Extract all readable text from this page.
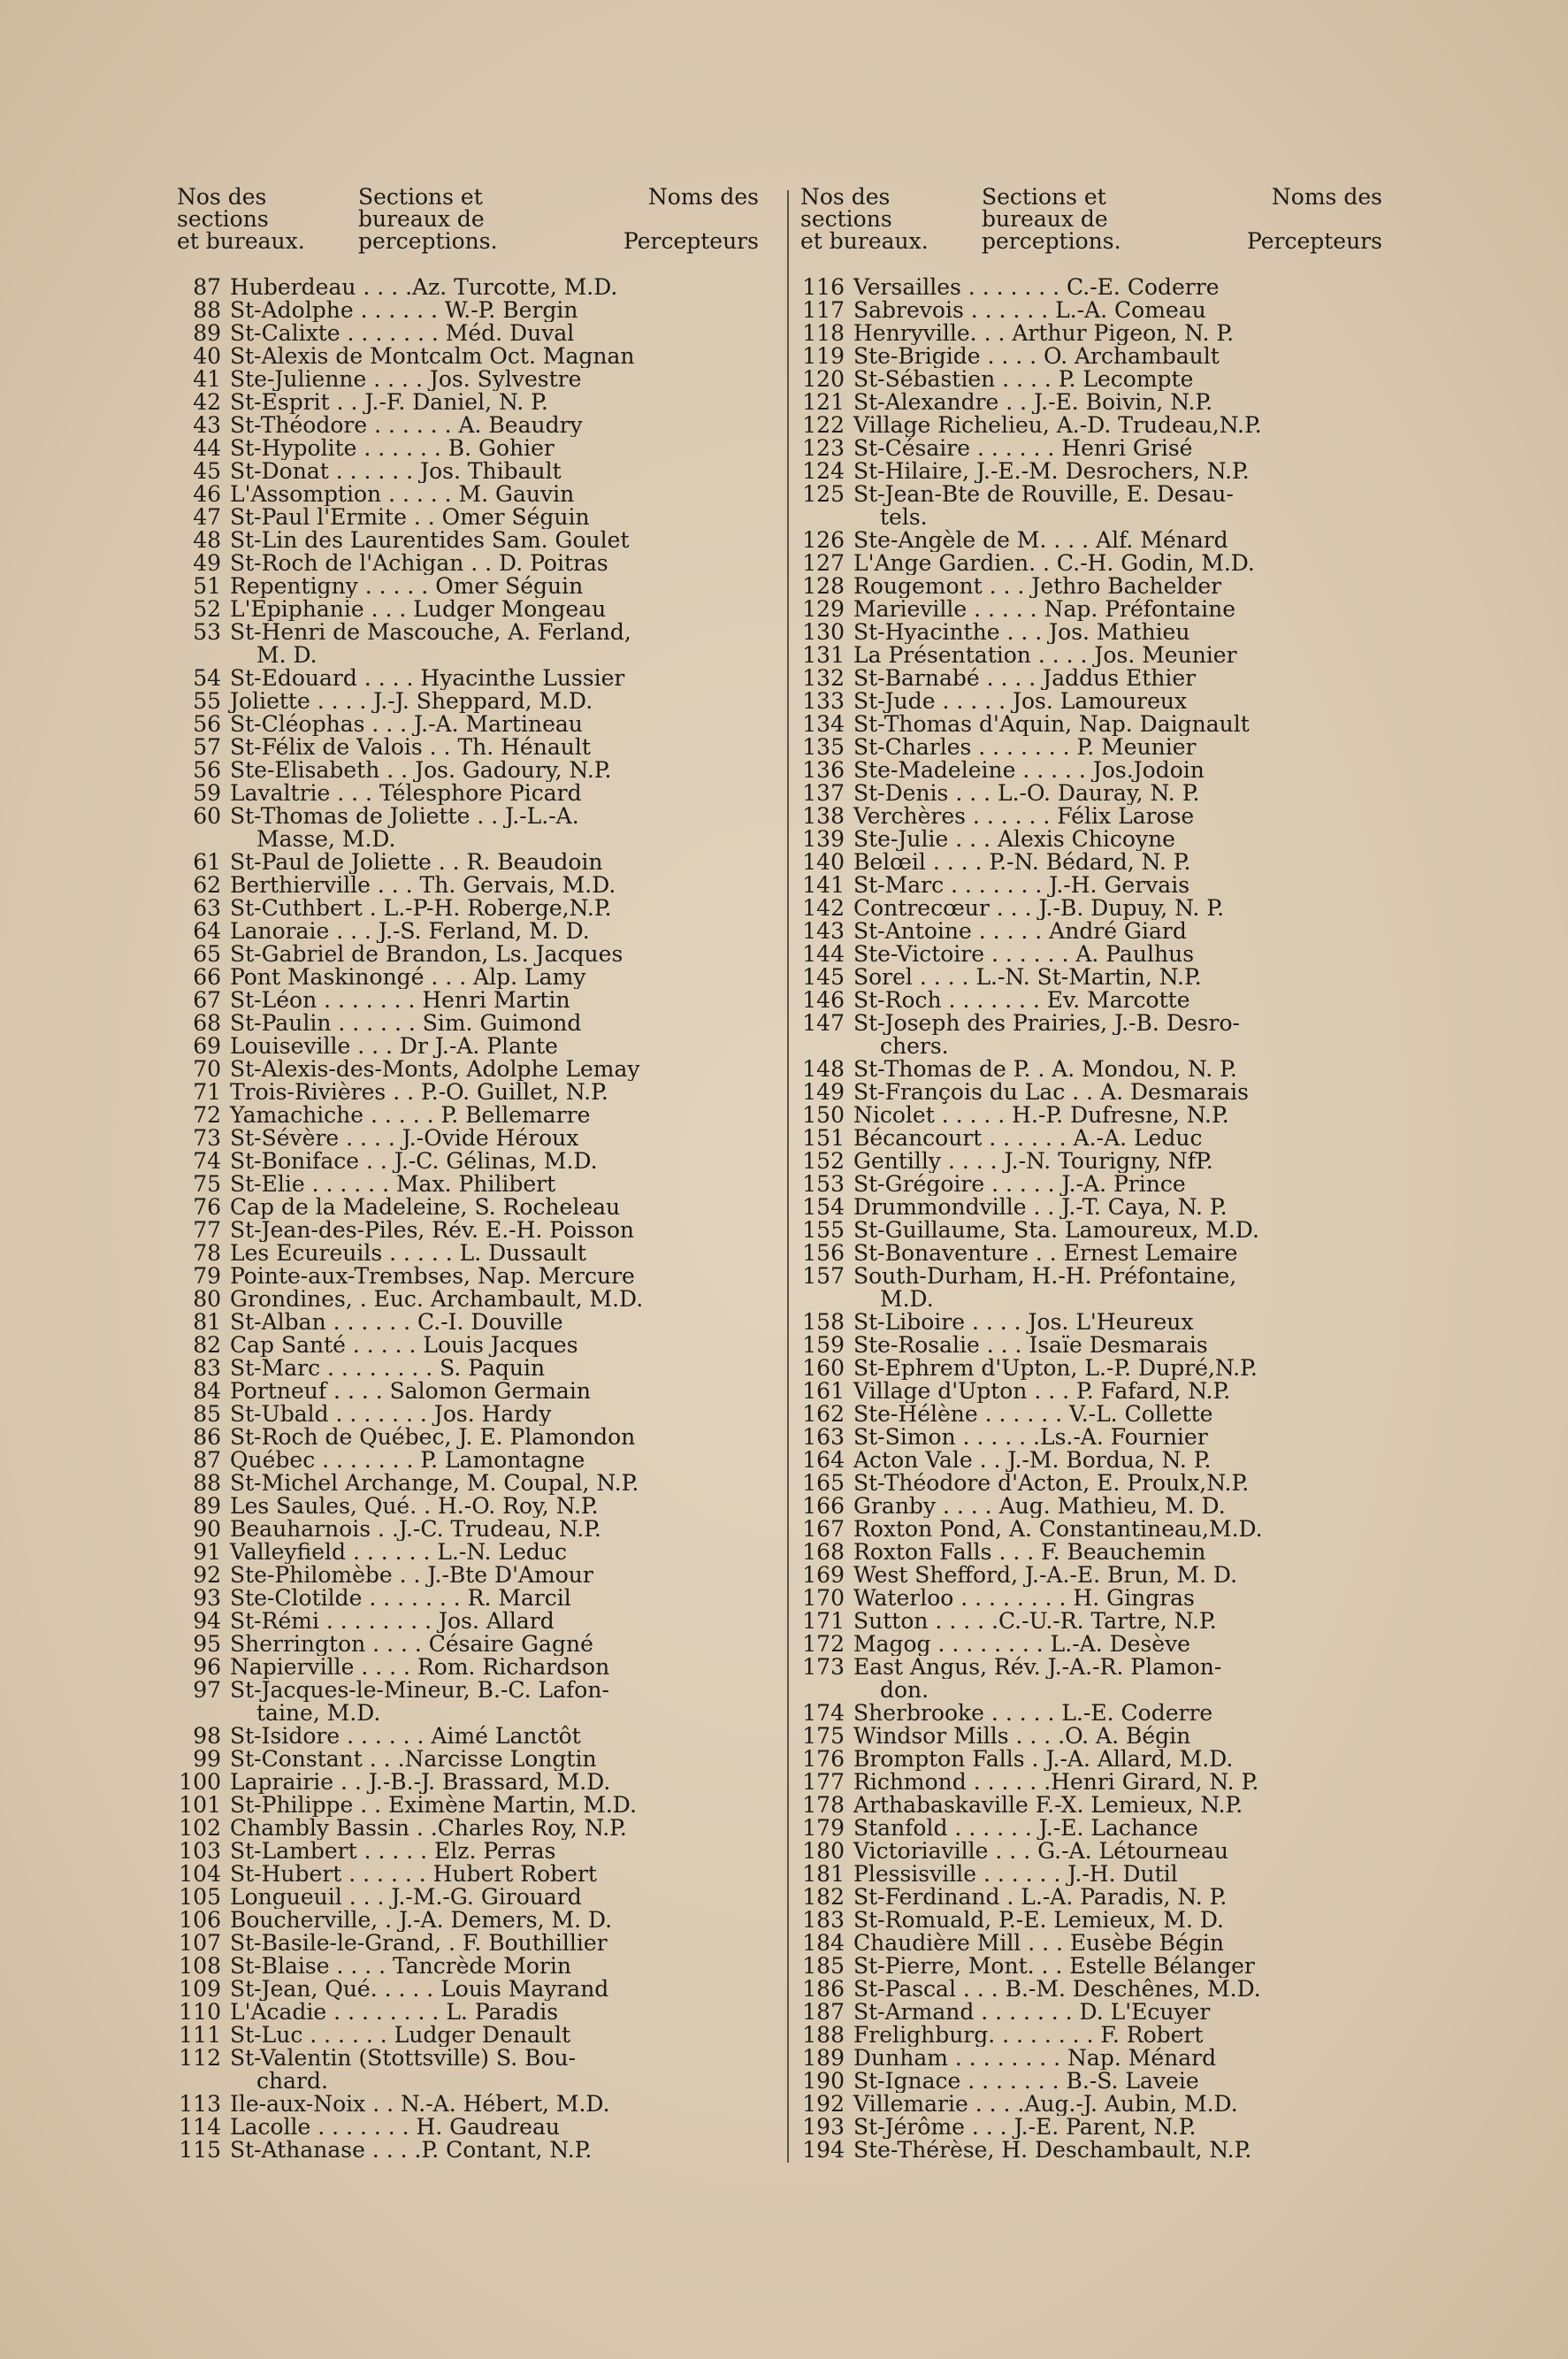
Nos des
sections
et bureaux.
Sections et
bureaux de
perceptions.
Noms des

Percepteurs
87 Huberdeau . . . .Az. Turcotte, M.D.
88 St-Adolphe . . . . . . W.-P. Bergin
89 St-Calixte . . . . . . . Méd. Duval
40 St-Alexis de Montcalm Oct. Magnan
41 Ste-Julienne . . . . Jos. Sylvestre
42 St-Esprit . . J.-F. Daniel, N. P.
43 St-Théodore . . . . . . A. Beaudry
44 St-Hypolite . . . . . . B. Gohier
45 St-Donat . . . . . . Jos. Thibault
46 L'Assomption . . . . . M. Gauvin
47 St-Paul l'Ermite . . Omer Séguin
48 St-Lin des Laurentides Sam. Goulet
49 St-Roch de l'Achigan . . D. Poitras
51 Repentigny . . . . . Omer Séguin
52 L'Epiphanie . . . Ludger Mongeau
53 St-Henri de Mascouche, A. Ferland,
M. D.
54 St-Edouard . . . . Hyacinthe Lussier
55 Joliette . . . . J.-J. Sheppard, M.D.
56 St-Cléophas . . . J.-A. Martineau
57 St-Félix de Valois . . Th. Hénault
56 Ste-Elisabeth . . Jos. Gadoury, N.P.
59 Lavaltrie . . . Télesphore Picard
60 St-Thomas de Joliette . . J.-L.-A.
Masse, M.D.
61 St-Paul de Joliette . . R. Beaudoin
62 Berthierville . . . Th. Gervais, M.D.
63 St-Cuthbert . L.-P-H. Roberge,N.P.
64 Lanoraie . . . J.-S. Ferland, M. D.
65 St-Gabriel de Brandon, Ls. Jacques
66 Pont Maskinongé . . . Alp. Lamy
67 St-Léon . . . . . . . Henri Martin
68 St-Paulin . . . . . . Sim. Guimond
69 Louiseville . . . Dr J.-A. Plante
70 St-Alexis-des-Monts, Adolphe Lemay
71 Trois-Rivières . . P.-O. Guillet, N.P.
72 Yamachiche . . . . . P. Bellemarre
73 St-Sévère . . . . J.-Ovide Héroux
74 St-Boniface . . J.-C. Gélinas, M.D.
75 St-Elie . . . . . . Max. Philibert
76 Cap de la Madeleine, S. Rocheleau
77 St-Jean-des-Piles, Rév. E.-H. Poisson
78 Les Ecureuils . . . . . L. Dussault
79 Pointe-aux-Trembses, Nap. Mercure
80 Grondines, . Euc. Archambault, M.D.
81 St-Alban . . . . . . C.-I. Douville
82 Cap Santé . . . . . Louis Jacques
83 St-Marc . . . . . . . . S. Paquin
84 Portneuf . . . . Salomon Germain
85 St-Ubald . . . . . . . Jos. Hardy
86 St-Roch de Québec, J. E. Plamondon
87 Québec . . . . . . . P. Lamontagne
88 St-Michel Archange, M. Coupal, N.P.
89 Les Saules, Qué. . H.-O. Roy, N.P.
90 Beauharnois . .J.-C. Trudeau, N.P.
91 Valleyfield . . . . . . L.-N. Leduc
92 Ste-Philomèbe . . J.-Bte D'Amour
93 Ste-Clotilde . . . . . . . R. Marcil
94 St-Rémi . . . . . . . . Jos. Allard
95 Sherrington . . . . Césaire Gagné
96 Napierville . . . . Rom. Richardson
97 St-Jacques-le-Mineur, B.-C. Lafon-
taine, M.D.
98 St-Isidore . . . . . . Aimé Lanctôt
99 St-Constant . . .Narcisse Longtin
100 Laprairie . . J.-B.-J. Brassard, M.D.
101 St-Philippe . . Eximène Martin, M.D.
102 Chambly Bassin . .Charles Roy, N.P.
103 St-Lambert . . . . . Elz. Perras
104 St-Hubert . . . . . . Hubert Robert
105 Longueuil . . . J.-M.-G. Girouard
106 Boucherville, . J.-A. Demers, M. D.
107 St-Basile-le-Grand, . F. Bouthillier
108 St-Blaise . . . . Tancrède Morin
109 St-Jean, Qué. . . . . Louis Mayrand
110 L'Acadie . . . . . . . . L. Paradis
111 St-Luc . . . . . . Ludger Denault
112 St-Valentin (Stottsville) S. Bou-
chard.
113 Ile-aux-Noix . . N.-A. Hébert, M.D.
114 Lacolle . . . . . . . H. Gaudreau
115 St-Athanase . . . .P. Contant, N.P.
Nos des
sections
et bureaux.
Sections et
bureaux de
perceptions.
Noms des

Percepteurs
116 Versailles . . . . . . . C.-E. Coderre
117 Sabrevois . . . . . . L.-A. Comeau
118 Henryville. . . Arthur Pigeon, N. P.
119 Ste-Brigide . . . . O. Archambault
120 St-Sébastien . . . . P. Lecompte
121 St-Alexandre . . J.-E. Boivin, N.P.
122 Village Richelieu, A.-D. Trudeau,N.P.
123 St-Césaire . . . . . . Henri Grisé
124 St-Hilaire, J.-E.-M. Desrochers, N.P.
125 St-Jean-Bte de Rouville, E. Desau-
tels.
126 Ste-Angèle de M. . . . Alf. Ménard
127 L'Ange Gardien. . C.-H. Godin, M.D.
128 Rougemont . . . Jethro Bachelder
129 Marieville . . . . . Nap. Préfontaine
130 St-Hyacinthe . . . Jos. Mathieu
131 La Présentation . . . . Jos. Meunier
132 St-Barnabé . . . . Jaddus Ethier
133 St-Jude . . . . . Jos. Lamoureux
134 St-Thomas d'Aquin, Nap. Daignault
135 St-Charles . . . . . . . P. Meunier
136 Ste-Madeleine . . . . . Jos.Jodoin
137 St-Denis . . . L.-O. Dauray, N. P.
138 Verchères . . . . . . Félix Larose
139 Ste-Julie . . . Alexis Chicoyne
140 Belœil . . . . P.-N. Bédard, N. P.
141 St-Marc . . . . . . . J.-H. Gervais
142 Contrecœur . . . J.-B. Dupuy, N. P.
143 St-Antoine . . . . . André Giard
144 Ste-Victoire . . . . . . A. Paulhus
145 Sorel . . . . L.-N. St-Martin, N.P.
146 St-Roch . . . . . . . Ev. Marcotte
147 St-Joseph des Prairies, J.-B. Desro-
chers.
148 St-Thomas de P. . A. Mondou, N. P.
149 St-François du Lac . . A. Desmarais
150 Nicolet . . . . . H.-P. Dufresne, N.P.
151 Bécancourt . . . . . . A.-A. Leduc
152 Gentilly . . . . J.-N. Tourigny, NfP.
153 St-Grégoire . . . . . J.-A. Prince
154 Drummondville . . J.-T. Caya, N. P.
155 St-Guillaume, Sta. Lamoureux, M.D.
156 St-Bonaventure . . Ernest Lemaire
157 South-Durham, H.-H. Préfontaine,
M.D.
158 St-Liboire . . . . Jos. L'Heureux
159 Ste-Rosalie . . . Isaïe Desmarais
160 St-Ephrem d'Upton, L.-P. Dupré,N.P.
161 Village d'Upton . . . P. Fafard, N.P.
162 Ste-Hélène . . . . . . V.-L. Collette
163 St-Simon . . . . . .Ls.-A. Fournier
164 Acton Vale . . J.-M. Bordua, N. P.
165 St-Théodore d'Acton, E. Proulx,N.P.
166 Granby . . . . Aug. Mathieu, M. D.
167 Roxton Pond, A. Constantineau,M.D.
168 Roxton Falls . . . F. Beauchemin
169 West Shefford, J.-A.-E. Brun, M. D.
170 Waterloo . . . . . . . . H. Gingras
171 Sutton . . . . .C.-U.-R. Tartre, N.P.
172 Magog . . . . . . . . L.-A. Desève
173 East Angus, Rév. J.-A.-R. Plamon-
don.
174 Sherbrooke . . . . . L.-E. Coderre
175 Windsor Mills . . . .O. A. Bégin
176 Brompton Falls . J.-A. Allard, M.D.
177 Richmond . . . . . .Henri Girard, N. P.
178 Arthabaskaville F.-X. Lemieux, N.P.
179 Stanfold . . . . . . J.-E. Lachance
180 Victoriaville . . . G.-A. Létourneau
181 Plessisville . . . . . . J.-H. Dutil
182 St-Ferdinand . L.-A. Paradis, N. P.
183 St-Romuald, P.-E. Lemieux, M. D.
184 Chaudière Mill . . . Eusèbe Bégin
185 St-Pierre, Mont. . . Estelle Bélanger
186 St-Pascal . . . B.-M. Deschênes, M.D.
187 St-Armand . . . . . . . D. L'Ecuyer
188 Frelighburg. . . . . . . . F. Robert
189 Dunham . . . . . . . . Nap. Ménard
190 St-Ignace . . . . . . . B.-S. Laveie
192 Villemarie . . . .Aug.-J. Aubin, M.D.
193 St-Jérôme . . . J.-E. Parent, N.P.
194 Ste-Thérèse, H. Deschambault, N.P.
